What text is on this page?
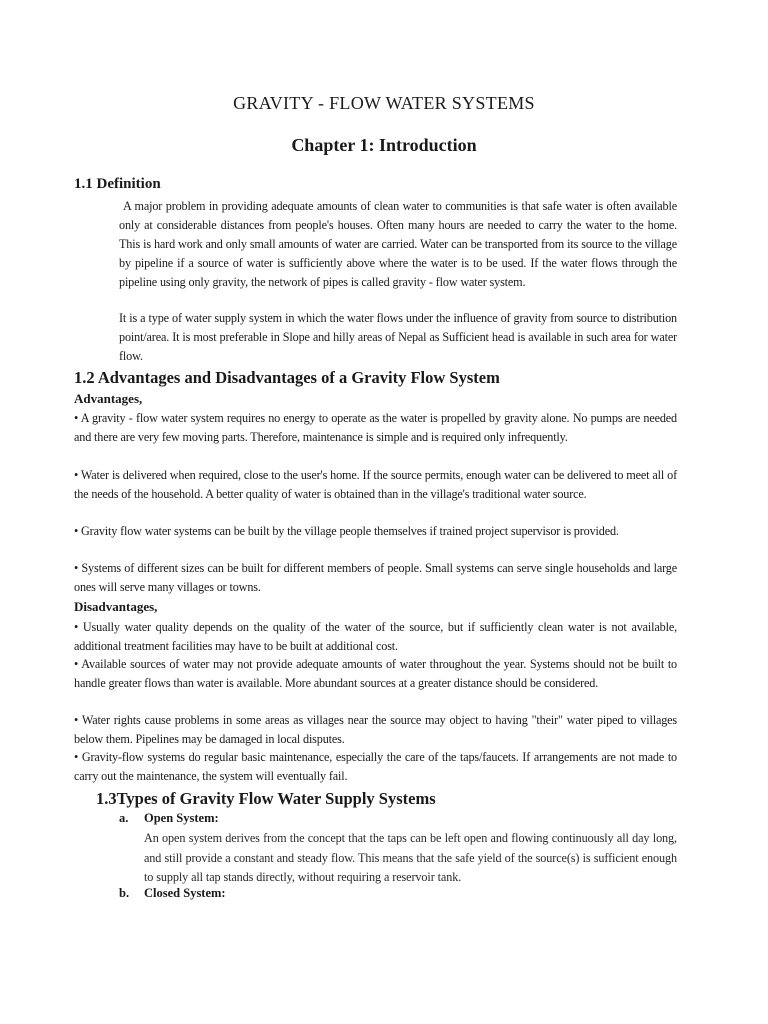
GRAVITY - FLOW WATER SYSTEMS
Chapter 1: Introduction
1.1 Definition
A major problem in providing adequate amounts of clean water to communities is that safe water is often available only at considerable distances from people's houses. Often many hours are needed to carry the water to the home. This is hard work and only small amounts of water are carried. Water can be transported from its source to the village by pipeline if a source of water is sufficiently above where the water is to be used. If the water flows through the pipeline using only gravity, the network of pipes is called gravity - flow water system.
It is a type of water supply system in which the water flows under the influence of gravity from source to distribution point/area. It is most preferable in Slope and hilly areas of Nepal as Sufficient head is available in such area for water flow.
1.2 Advantages and Disadvantages of a Gravity Flow System
Advantages,
• A gravity - flow water system requires no energy to operate as the water is propelled by gravity alone. No pumps are needed and there are very few moving parts. Therefore, maintenance is simple and is required only infrequently.
• Water is delivered when required, close to the user's home. If the source permits, enough water can be delivered to meet all of the needs of the household. A better quality of water is obtained than in the village's traditional water source.
• Gravity flow water systems can be built by the village people themselves if trained project supervisor is provided.
• Systems of different sizes can be built for different members of people. Small systems can serve single households and large ones will serve many villages or towns.
Disadvantages,
• Usually water quality depends on the quality of the water of the source, but if sufficiently clean water is not available, additional treatment facilities may have to be built at additional cost.
• Available sources of water may not provide adequate amounts of water throughout the year. Systems should not be built to handle greater flows than water is available. More abundant sources at a greater distance should be considered.
• Water rights cause problems in some areas as villages near the source may object to having "their" water piped to villages below them. Pipelines may be damaged in local disputes.
• Gravity-flow systems do regular basic maintenance, especially the care of the taps/faucets. If arrangements are not made to carry out the maintenance, the system will eventually fail.
1.3Types of Gravity Flow Water Supply Systems
a. Open System:
An open system derives from the concept that the taps can be left open and flowing continuously all day long, and still provide a constant and steady flow. This means that the safe yield of the source(s) is sufficient enough to supply all tap stands directly, without requiring a reservoir tank.
b. Closed System:
